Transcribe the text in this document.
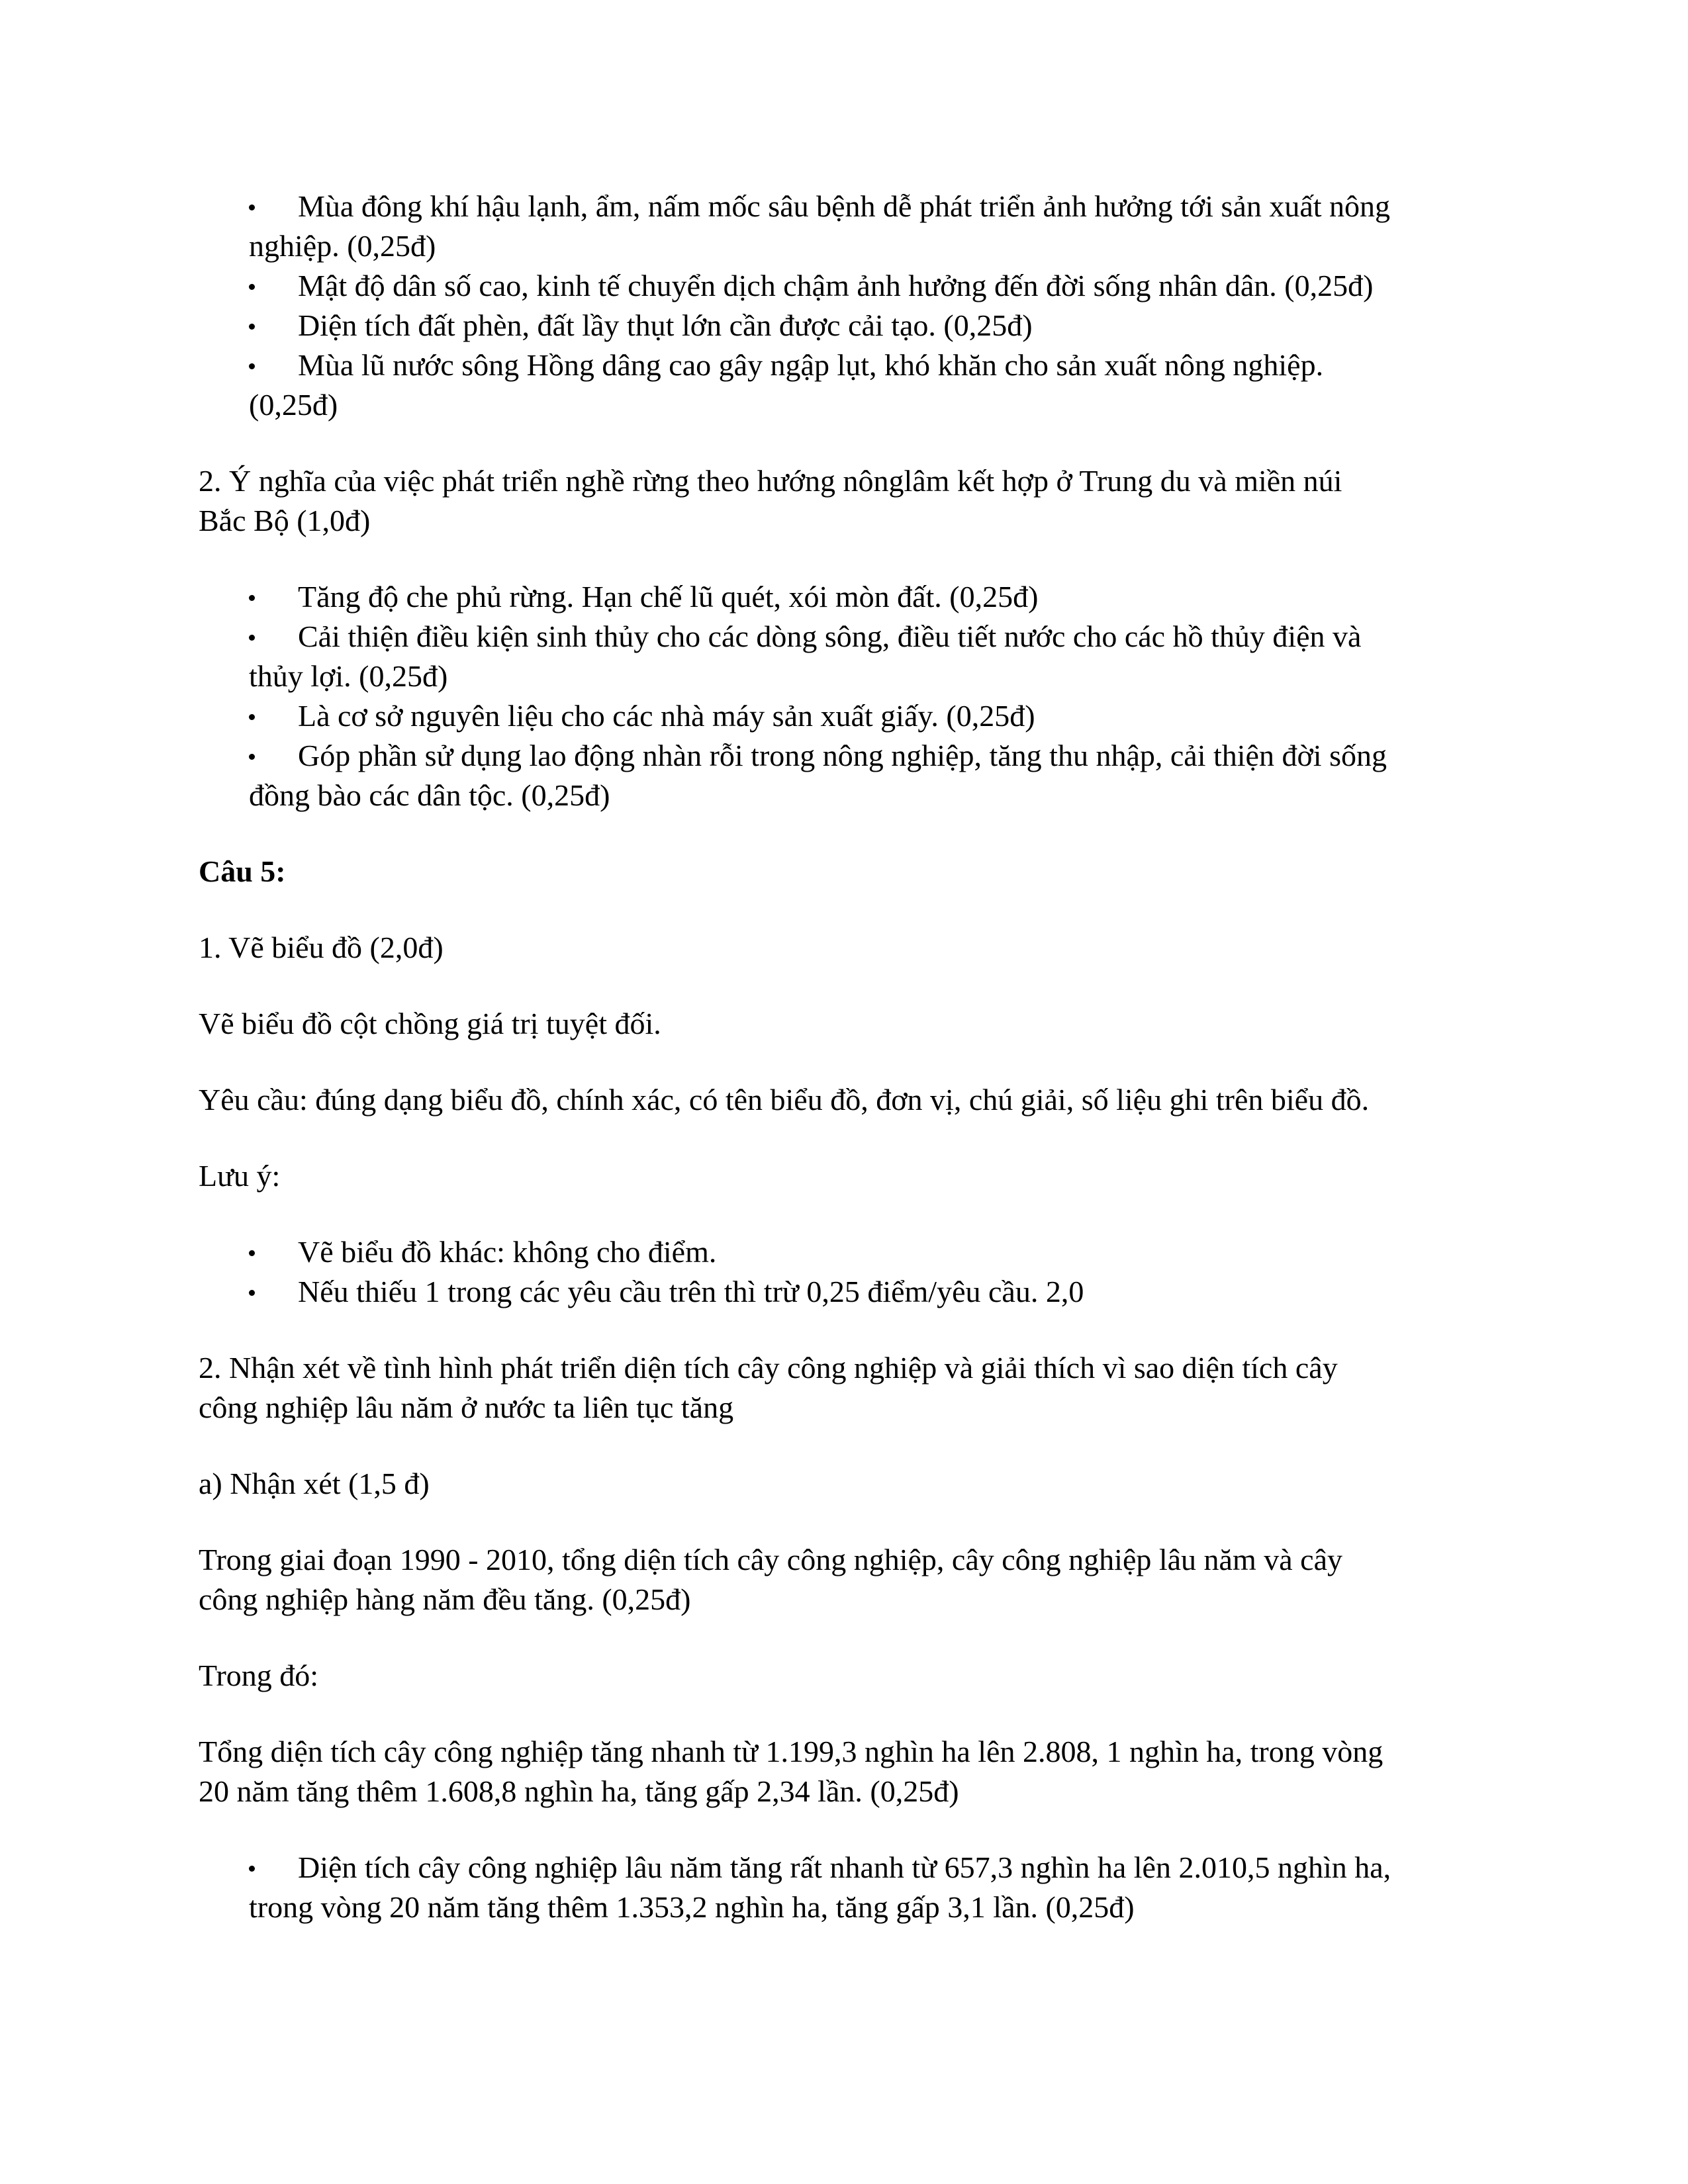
Mùa đông khí hậu lạnh, ẩm, nấm mốc sâu bệnh dễ phát triển ảnh hưởng tới sản xuất nông
nghiệp. (0,25đ)
Mật độ dân số cao, kinh tế chuyển dịch chậm ảnh hưởng đến đời sống nhân dân. (0,25đ)
Diện tích đất phèn, đất lầy thụt lớn cần được cải tạo. (0,25đ)
Mùa lũ nước sông Hồng dâng cao gây ngập lụt, khó khăn cho sản xuất nông nghiệp.
(0,25đ)

2. Ý nghĩa của việc phát triển nghề rừng theo hướng nônglâm kết hợp ở Trung du và miền núi
Bắc Bộ (1,0đ)

Tăng độ che phủ rừng. Hạn chế lũ quét, xói mòn đất. (0,25đ)
Cải thiện điều kiện sinh thủy cho các dòng sông, điều tiết nước cho các hồ thủy điện và
thủy lợi. (0,25đ)
Là cơ sở nguyên liệu cho các nhà máy sản xuất giấy. (0,25đ)
Góp phần sử dụng lao động nhàn rỗi trong nông nghiệp, tăng thu nhập, cải thiện đời sống
đồng bào các dân tộc. (0,25đ)

Câu 5:

1. Vẽ biểu đồ (2,0đ)

Vẽ biểu đồ cột chồng giá trị tuyệt đối.

Yêu cầu: đúng dạng biểu đồ, chính xác, có tên biểu đồ, đơn vị, chú giải, số liệu ghi trên biểu đồ.

Lưu ý:

Vẽ biểu đồ khác: không cho điểm.
Nếu thiếu 1 trong các yêu cầu trên thì trừ 0,25 điểm/yêu cầu. 2,0

2. Nhận xét về tình hình phát triển diện tích cây công nghiệp và giải thích vì sao diện tích cây
công nghiệp lâu năm ở nước ta liên tục tăng

a) Nhận xét (1,5 đ)

Trong giai đoạn 1990 - 2010, tổng diện tích cây công nghiệp, cây công nghiệp lâu năm và cây
công nghiệp hàng năm đều tăng. (0,25đ)

Trong đó:

Tổng diện tích cây công nghiệp tăng nhanh từ 1.199,3 nghìn ha lên 2.808, 1 nghìn ha, trong vòng
20 năm tăng thêm 1.608,8 nghìn ha, tăng gấp 2,34 lần. (0,25đ)

Diện tích cây công nghiệp lâu năm tăng rất nhanh từ 657,3 nghìn ha lên 2.010,5 nghìn ha,
trong vòng 20 năm tăng thêm 1.353,2 nghìn ha, tăng gấp 3,1 lần. (0,25đ)
